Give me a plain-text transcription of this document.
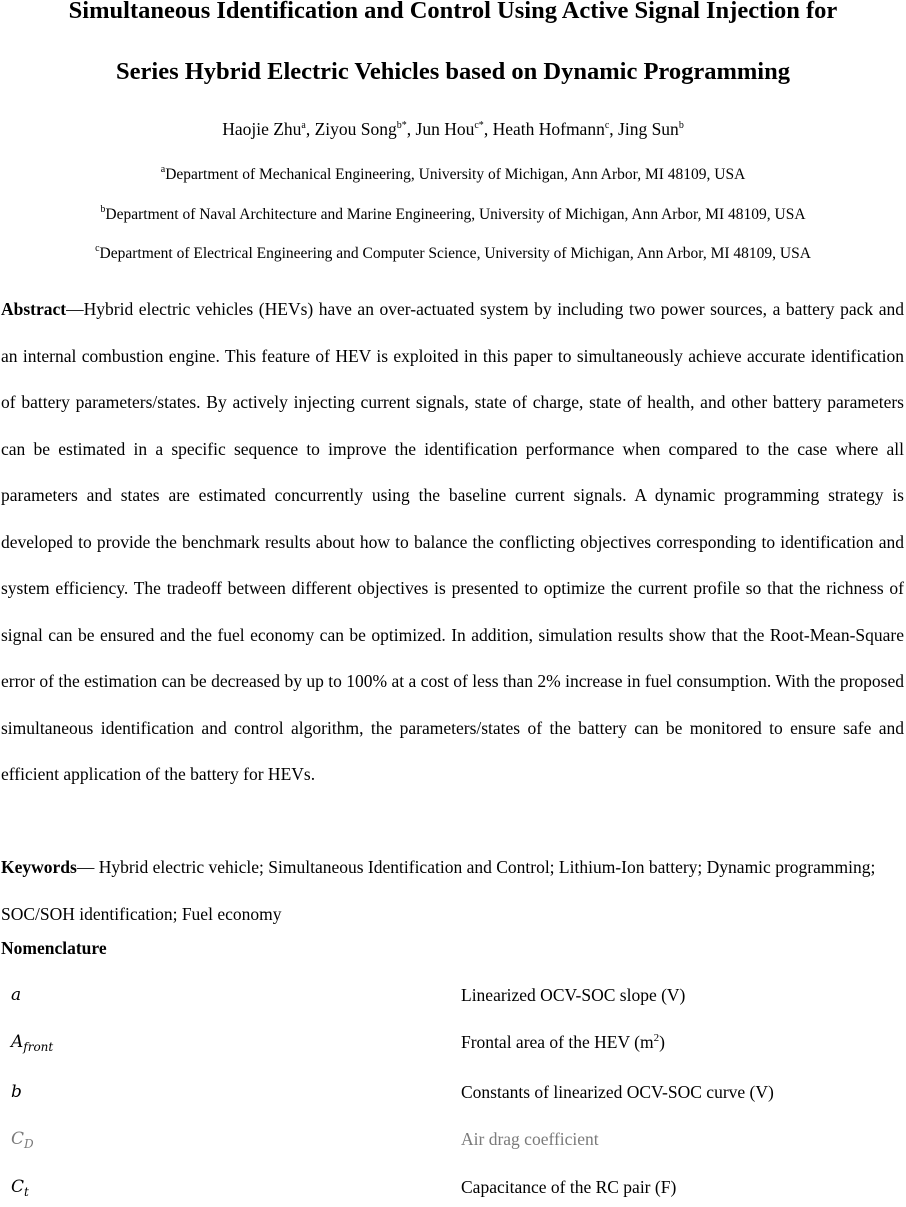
Simultaneous Identification and Control Using Active Signal Injection for
Series Hybrid Electric Vehicles based on Dynamic Programming
Haojie Zhu$^a$, Ziyou Song$^{b*}$, Jun Hou$^{c*}$, Heath Hofmann$^c$, Jing Sun$^b$
$^a$Department of Mechanical Engineering, University of Michigan, Ann Arbor, MI 48109, USA
$^b$Department of Naval Architecture and Marine Engineering, University of Michigan, Ann Arbor, MI 48109, USA
$^c$Department of Electrical Engineering and Computer Science, University of Michigan, Ann Arbor, MI 48109, USA
Abstract—Hybrid electric vehicles (HEVs) have an over-actuated system by including two power sources, a battery pack and an internal combustion engine. This feature of HEV is exploited in this paper to simultaneously achieve accurate identification of battery parameters/states. By actively injecting current signals, state of charge, state of health, and other battery parameters can be estimated in a specific sequence to improve the identification performance when compared to the case where all parameters and states are estimated concurrently using the baseline current signals. A dynamic programming strategy is developed to provide the benchmark results about how to balance the conflicting objectives corresponding to identification and system efficiency. The tradeoff between different objectives is presented to optimize the current profile so that the richness of signal can be ensured and the fuel economy can be optimized. In addition, simulation results show that the Root-Mean-Square error of the estimation can be decreased by up to 100% at a cost of less than 2% increase in fuel consumption. With the proposed simultaneous identification and control algorithm, the parameters/states of the battery can be monitored to ensure safe and efficient application of the battery for HEVs.
Keywords— Hybrid electric vehicle; Simultaneous Identification and Control; Lithium-Ion battery; Dynamic programming; SOC/SOH identification; Fuel economy
Nomenclature
a	Linearized OCV-SOC slope (V)
$A_{front}$	Frontal area of the HEV $(m^2)$
b	Constants of linearized OCV-SOC curve (V)
$C_D$	Air drag coefficient
$C_t$	Capacitance of the RC pair (F)
